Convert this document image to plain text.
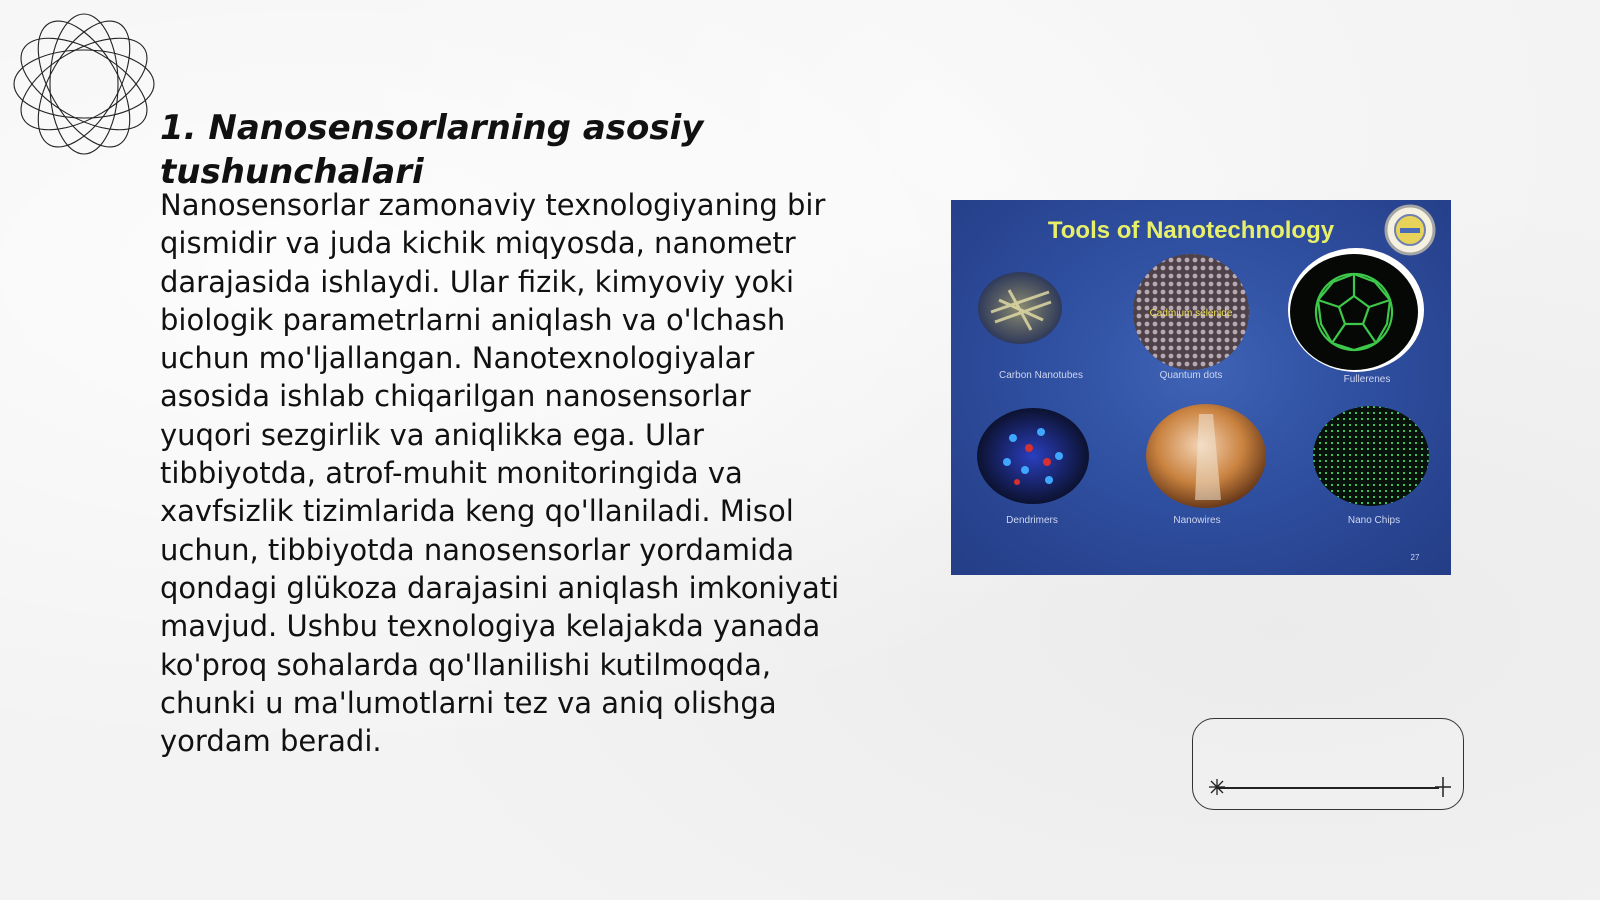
1. Nanosensorlarning asosiy tushunchalari

Nanosensorlar zamonaviy texnologiyaning bir qismidir va juda kichik miqyosda, nanometr darajasida ishlaydi. Ular fizik, kimyoviy yoki biologik parametrlarni aniqlash va o'lchash uchun mo'ljallangan. Nanotexnologiyalar asosida ishlab chiqarilgan nanosensorlar yuqori sezgirlik va aniqlikka ega. Ular tibbiyotda, atrof-muhit monitoringida va xavfsizlik tizimlarida keng qo'llaniladi. Misol uchun, tibbiyotda nanosensorlar yordamida qondagi glükoza darajasini aniqlash imkoniyati mavjud. Ushbu texnologiya kelajakda yanada ko'proq sohalarda qo'llanilishi kutilmoqda, chunki u ma'lumotlarni tez va aniq olishga yordam beradi.

Tools of Nanotechnology
Carbon Nanotubes
Cadmium selenide
Quantum dots	Fullerenes
Dendrimers	Nanowires	Nano Chips
27
